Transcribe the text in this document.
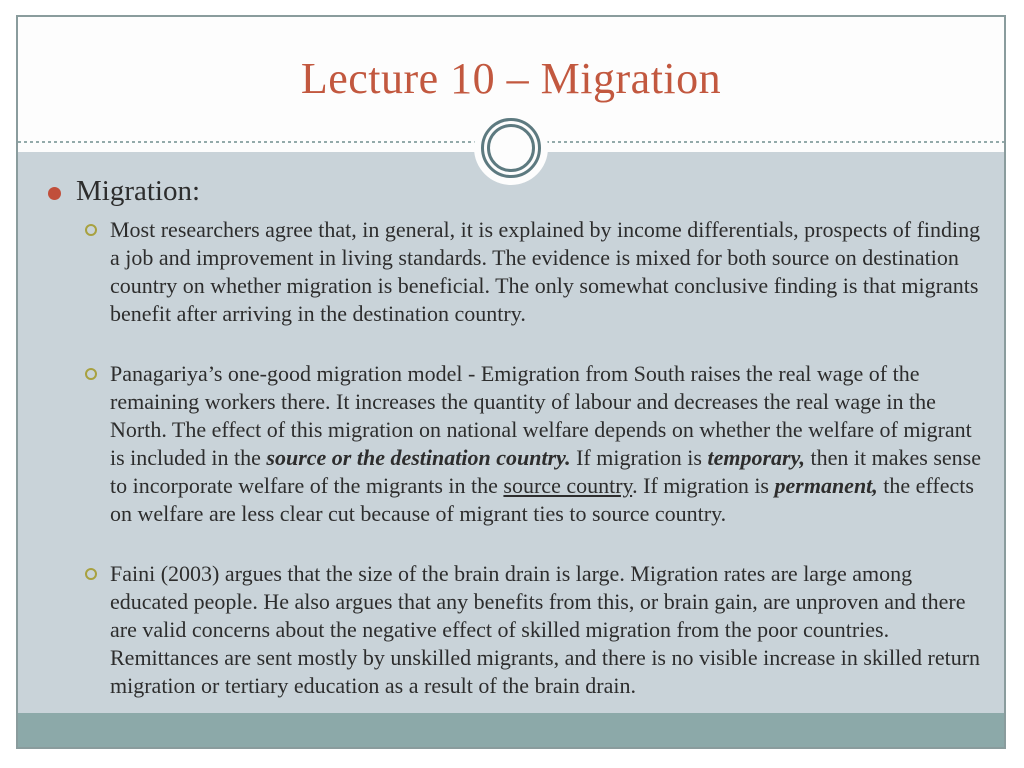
Lecture 10 – Migration
Migration:

Most researchers agree that, in general, it is explained by income differentials, prospects of finding a job and improvement in living standards. The evidence is mixed for both source on destination country on whether migration is beneficial. The only somewhat conclusive finding is that migrants benefit after arriving in the destination country.

Panagariya’s one-good migration model - Emigration from South raises the real wage of the remaining workers there. It increases the quantity of labour and decreases the real wage in the North. The effect of this migration on national welfare depends on whether the welfare of migrant is included in the source or the destination country. If migration is temporary, then it makes sense to incorporate welfare of the migrants in the source country. If migration is permanent, the effects on welfare are less clear cut because of migrant ties to source country.

Faini (2003) argues that the size of the brain drain is large. Migration rates are large among educated people. He also argues that any benefits from this, or brain gain, are unproven and there are valid concerns about the negative effect of skilled migration from the poor countries. Remittances are sent mostly by unskilled migrants, and there is no visible increase in skilled return migration or tertiary education as a result of the brain drain.
